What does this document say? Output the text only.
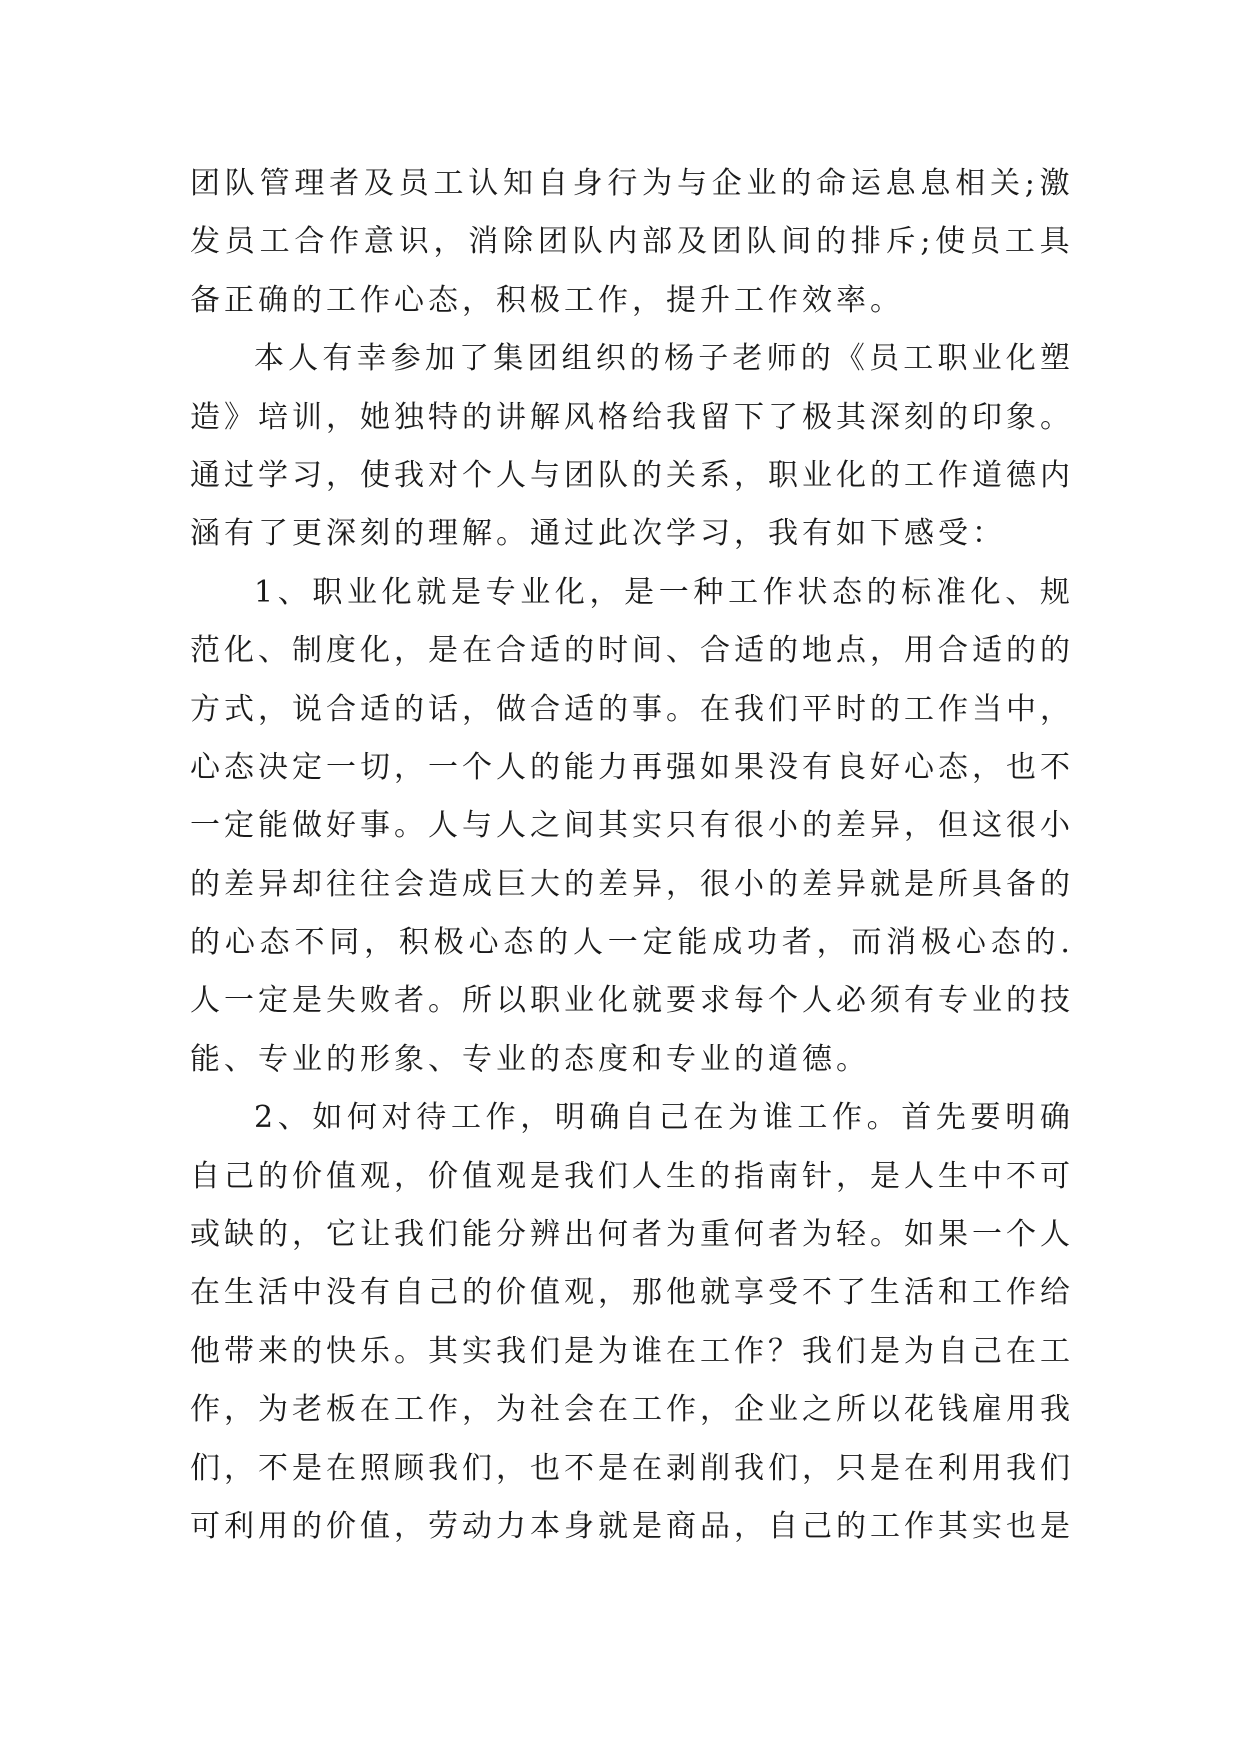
团 队 管 理 者 及 员 工 认 知 自 身 行 为 与 企 业 的 命 运 息 息 相 关 ; 激
发 员 工 合 作 意 识 ， 消 除 团 队 内 部 及 团 队 间 的 排 斥 ; 使 员 工 具
备正确的工作心态，积极工作，提升工作效率。
本 人 有 幸 参 加 了 集 团 组 织 的 杨 子 老 师 的 《 员 工 职 业 化 塑
造 》 培 训 ， 她 独 特 的 讲 解 风 格 给 我 留 下 了 极 其 深 刻 的 印 象 。
通 过 学 习 ， 使 我 对 个 人 与 团 队 的 关 系 ， 职 业 化 的 工 作 道 德 内
涵有了更深刻的理解。通过此次学习，我有如下感受：
1 、 职 业 化 就 是 专 业 化 ， 是 一 种 工 作 状 态 的 标 准 化 、 规
范 化 、 制 度 化 ， 是 在 合 适 的 时 间 、 合 适 的 地 点 ， 用 合 适 的 的
方 式 ， 说 合 适 的 话 ， 做 合 适 的 事 。 在 我 们 平 时 的 工 作 当 中 ，
心 态 决 定 一 切 ， 一 个 人 的 能 力 再 强 如 果 没 有 良 好 心 态 ， 也 不
一 定 能 做 好 事 。 人 与 人 之 间 其 实 只 有 很 小 的 差 异 ， 但 这 很 小
的 差 异 却 往 往 会 造 成 巨 大 的 差 异 ， 很 小 的 差 异 就 是 所 具 备 的
的 心 态 不 同 ， 积 极 心 态 的 人 一 定 能 成 功 者 ， 而 消 极 心 态 的 .
人 一 定 是 失 败 者 。 所 以 职 业 化 就 要 求 每 个 人 必 须 有 专 业 的 技
能、专业的形象、专业的态度和专业的道德。
2 、 如 何 对 待 工 作 ， 明 确 自 己 在 为 谁 工 作 。 首 先 要 明 确
自 己 的 价 值 观 ， 价 值 观 是 我 们 人 生 的 指 南 针 ， 是 人 生 中 不 可
或 缺 的 ， 它 让 我 们 能 分 辨 出 何 者 为 重 何 者 为 轻 。 如 果 一 个 人
在 生 活 中 没 有 自 己 的 价 值 观 ， 那 他 就 享 受 不 了 生 活 和 工 作 给
他 带 来 的 快 乐 。 其 实 我 们 是 为 谁 在 工 作 ？ 我 们 是 为 自 己 在 工
作 ， 为 老 板 在 工 作 ， 为 社 会 在 工 作 ， 企 业 之 所 以 花 钱 雇 用 我
们 ， 不 是 在 照 顾 我 们 ， 也 不 是 在 剥 削 我 们 ， 只 是 在 利 用 我 们
可 利 用 的 价 值 ， 劳 动 力 本 身 就 是 商 品 ， 自 己 的 工 作 其 实 也 是
